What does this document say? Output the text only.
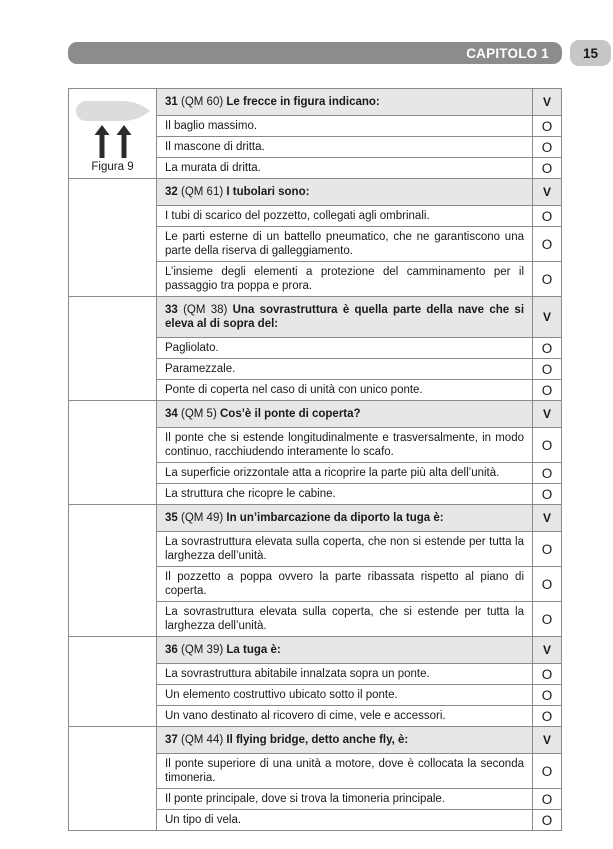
CAPITOLO 1	15
Figura 9	31 (QM 60) Le frecce in figura indicano:	V
	Il baglio massimo.	O
	Il mascone di dritta.	O
	La murata di dritta.	O
	32 (QM 61) I tubolari sono:	V
	I tubi di scarico del pozzetto, collegati agli ombrinali.	O
	Le parti esterne di un battello pneumatico, che ne garantiscono una parte della riserva di galleggiamento.	O
	L’insieme degli elementi a protezione del camminamento per il passaggio tra poppa e prora.	O
	33 (QM 38) Una sovrastruttura è quella parte della nave che si eleva al di sopra del:	V
	Pagliolato.	O
	Paramezzale.	O
	Ponte di coperta nel caso di unità con unico ponte.	O
	34 (QM 5) Cos’è il ponte di coperta?	V
	Il ponte che si estende longitudinalmente e trasversalmente, in modo continuo, racchiudendo interamente lo scafo.	O
	La superficie orizzontale atta a ricoprire la parte più alta dell’unità.	O
	La struttura che ricopre le cabine.	O
	35 (QM 49) In un’imbarcazione da diporto la tuga è:	V
	La sovrastruttura elevata sulla coperta, che non si estende per tutta la larghezza dell’unità.	O
	Il pozzetto a poppa ovvero la parte ribassata rispetto al piano di coperta.	O
	La sovrastruttura elevata sulla coperta, che si estende per tutta la larghezza dell’unità.	O
	36 (QM 39) La tuga è:	V
	La sovrastruttura abitabile innalzata sopra un ponte.	O
	Un elemento costruttivo ubicato sotto il ponte.	O
	Un vano destinato al ricovero di cime, vele e accessori.	O
	37 (QM 44) Il flying bridge, detto anche fly, è:	V
	Il ponte superiore di una unità a motore, dove è collocata la seconda timoneria.	O
	Il ponte principale, dove si trova la timoneria principale.	O
	Un tipo di vela.	O
